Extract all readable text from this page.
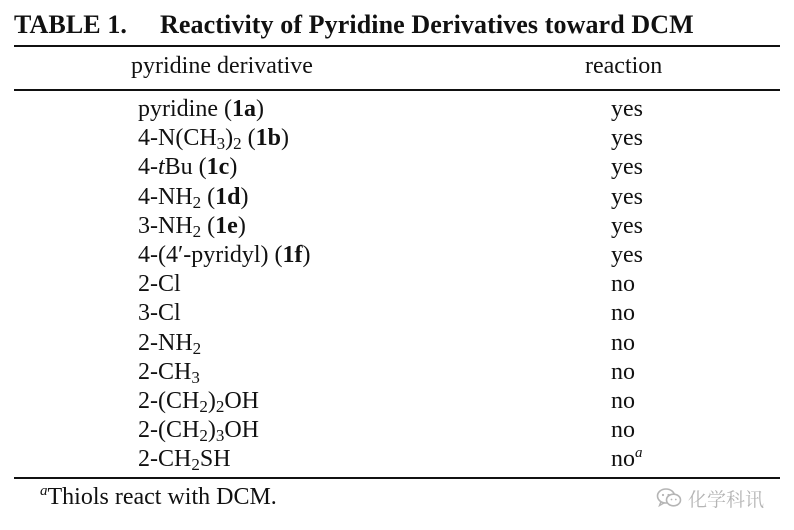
TABLE 1. Reactivity of Pyridine Derivatives toward DCM
pyridine derivative	reaction
pyridine (1a)	yes
$4-N(CH_3)_2$ (1b)	yes
4-tBu (1c)	yes
$4-NH_2$ (1d)	yes
$3-NH_2$ (1e)	yes
4-(4′-pyridyl) (1f)	yes
2-Cl	no
3-Cl	no
$2-NH_2$	no
$2-CH_3$	no
$2-(CH_2)_2OH$	no
$2-(CH_2)_3OH$	no
$2-CH_2SH$	$no^a$
$^a$Thiols react with DCM.	化学科讯
